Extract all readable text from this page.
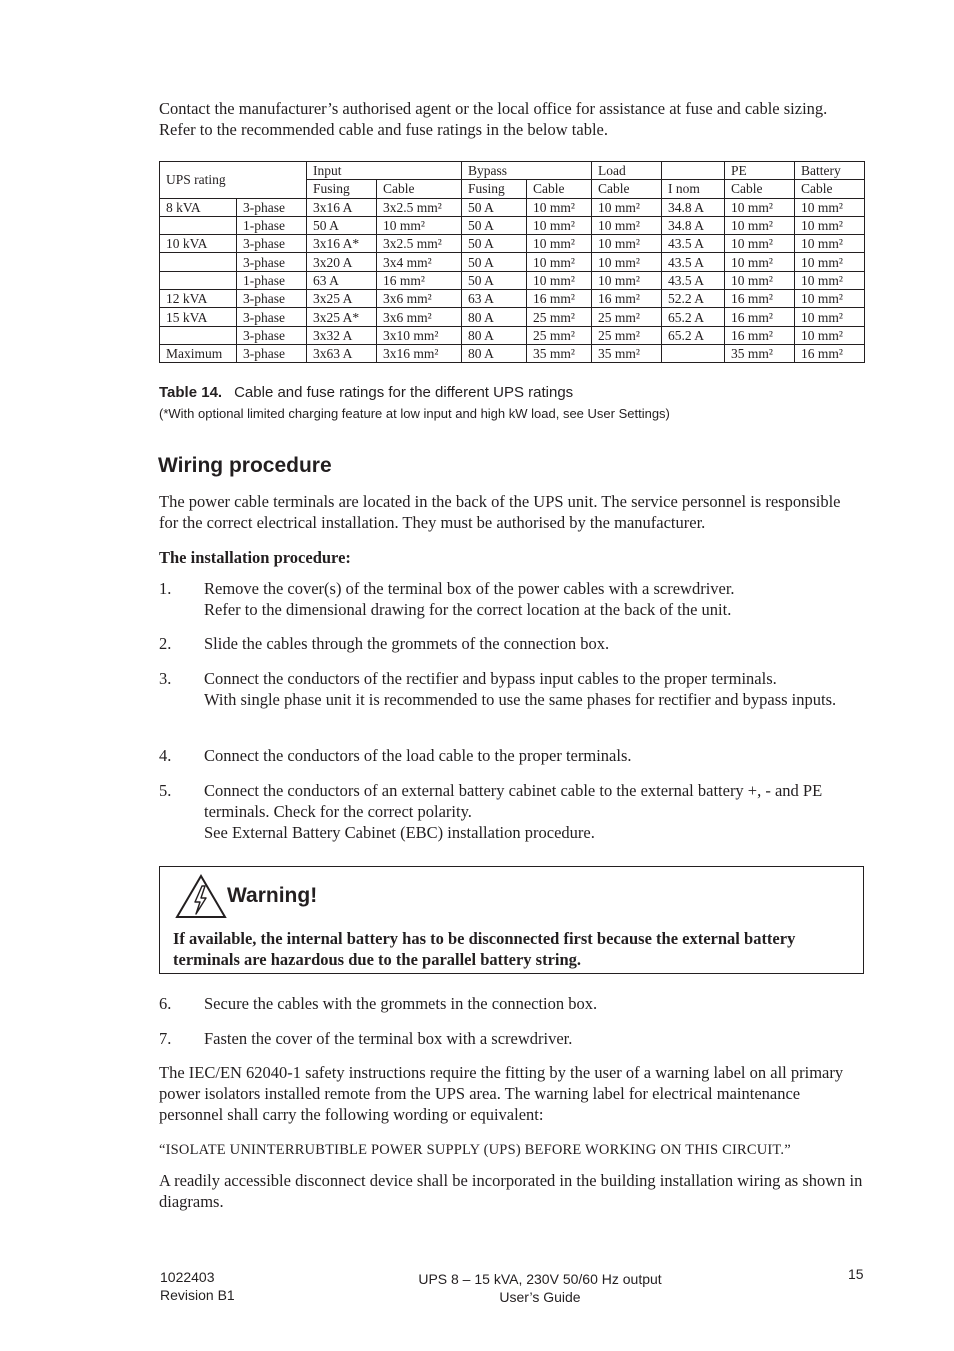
Contact the manufacturer’s authorised agent or the local office for assistance at fuse and cable sizing. Refer to the recommended cable and fuse ratings in the below table.
UPS rating		Input		Bypass		Load		PE	Battery
		Fusing	Cable	Fusing	Cable	Cable	I nom	Cable	Cable
8 kVA	3-phase	3x16 A	3x2.5 mm²	50 A	10 mm²	10 mm²	34.8 A	10 mm²	10 mm²
	1-phase	50 A	10 mm²	50 A	10 mm²	10 mm²	34.8 A	10 mm²	10 mm²
10 kVA	3-phase	3x16 A*	3x2.5 mm²	50 A	10 mm²	10 mm²	43.5 A	10 mm²	10 mm²
	3-phase	3x20 A	3x4 mm²	50 A	10 mm²	10 mm²	43.5 A	10 mm²	10 mm²
	1-phase	63 A	16 mm²	50 A	10 mm²	10 mm²	43.5 A	10 mm²	10 mm²
12 kVA	3-phase	3x25 A	3x6 mm²	63 A	16 mm²	16 mm²	52.2 A	16 mm²	10 mm²
15 kVA	3-phase	3x25 A*	3x6 mm²	80 A	25 mm²	25 mm²	65.2 A	16 mm²	10 mm²
	3-phase	3x32 A	3x10 mm²	80 A	25 mm²	25 mm²	65.2 A	16 mm²	10 mm²
Maximum	3-phase	3x63 A	3x16 mm²	80 A	35 mm²	35 mm²		35 mm²	16 mm²
Table 14. Cable and fuse ratings for the different UPS ratings
(*With optional limited charging feature at low input and high kW load, see User Settings)
Wiring procedure
The power cable terminals are located in the back of the UPS unit. The service personnel is responsible for the correct electrical installation. They must be authorised by the manufacturer.
The installation procedure:
1. Remove the cover(s) of the terminal box of the power cables with a screwdriver.
Refer to the dimensional drawing for the correct location at the back of the unit.
2. Slide the cables through the grommets of the connection box.
3. Connect the conductors of the rectifier and bypass input cables to the proper terminals.
With single phase unit it is recommended to use the same phases for rectifier and bypass inputs.
4. Connect the conductors of the load cable to the proper terminals.
5. Connect the conductors of an external battery cabinet cable to the external battery +, - and PE terminals. Check for the correct polarity.
See External Battery Cabinet (EBC) installation procedure.
6. Secure the cables with the grommets in the connection box.
7. Fasten the cover of the terminal box with a screwdriver.
Warning!
If available, the internal battery has to be disconnected first because the external battery terminals are hazardous due to the parallel battery string.
The IEC/EN 62040-1 safety instructions require the fitting by the user of a warning label on all primary power isolators installed remote from the UPS area. The warning label for electrical maintenance personnel shall carry the following wording or equivalent:
“ISOLATE UNINTERRUBTIBLE POWER SUPPLY (UPS) BEFORE WORKING ON THIS CIRCUIT.”
A readily accessible disconnect device shall be incorporated in the building installation wiring as shown in diagrams.
1022403
Revision B1
UPS 8 – 15 kVA, 230V 50/60 Hz output
User’s Guide
15
